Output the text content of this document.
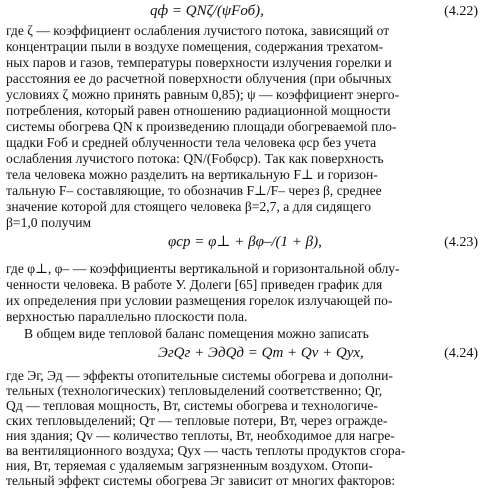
qф = QNζ/(ψFоб),	(4.22)
где ζ — коэффициент ослабления лучистого потока, зависящий от
концентрации пыли в воздухе помещения, содержания трехатом-
ных паров и газов, температуры поверхности излучения горелки и
расстояния ее до расчетной поверхности облучения (при обычных
условиях ζ можно принять равным 0,85); ψ — коэффициент энерго-
потребления, который равен отношению радиационной мощности
системы обогрева QN к произведению площади обогреваемой пло-
щадки Fоб и средней облученности тела человека φср без учета
ослабления лучистого потока: QN/(Fобφср). Так как поверхность
тела человека можно разделить на вертикальную F⊥ и горизон-
тальную F– составляющие, то обозначив F⊥/F– через β, среднее
значение которой для стоящего человека β=2,7, а для сидящего
β=1,0 получим
φср = φ⊥ + βφ–/(1 + β),	(4.23)
где φ⊥, φ– — коэффициенты вертикальной и горизонтальной облу-
ченности человека. В работе У. Долеги [65] приведен график для
их определения при условии размещения горелок излучающей по-
верхностью параллельно плоскости пола.
В общем виде тепловой баланс помещения можно записать
ЭгQг + ЭдQд = Qт + Qv + Qух,	(4.24)
где Эг, Эд — эффекты отопительные системы обогрева и дополни-
тельных (технологических) тепловыделений соответственно; Qг,
Qд — тепловая мощность, Вт, системы обогрева и технологиче-
ских тепловыделений; Qт — тепловые потери, Вт, через огражде-
ния здания; Qv — количество теплоты, Вт, необходимое для нагре-
ва вентиляционного воздуха; Qух — часть теплоты продуктов сгора-
ния, Вт, теряемая с удаляемым загрязненным воздухом. Отопи-
тельный эффект системы обогрева Эг зависит от многих факторов:
